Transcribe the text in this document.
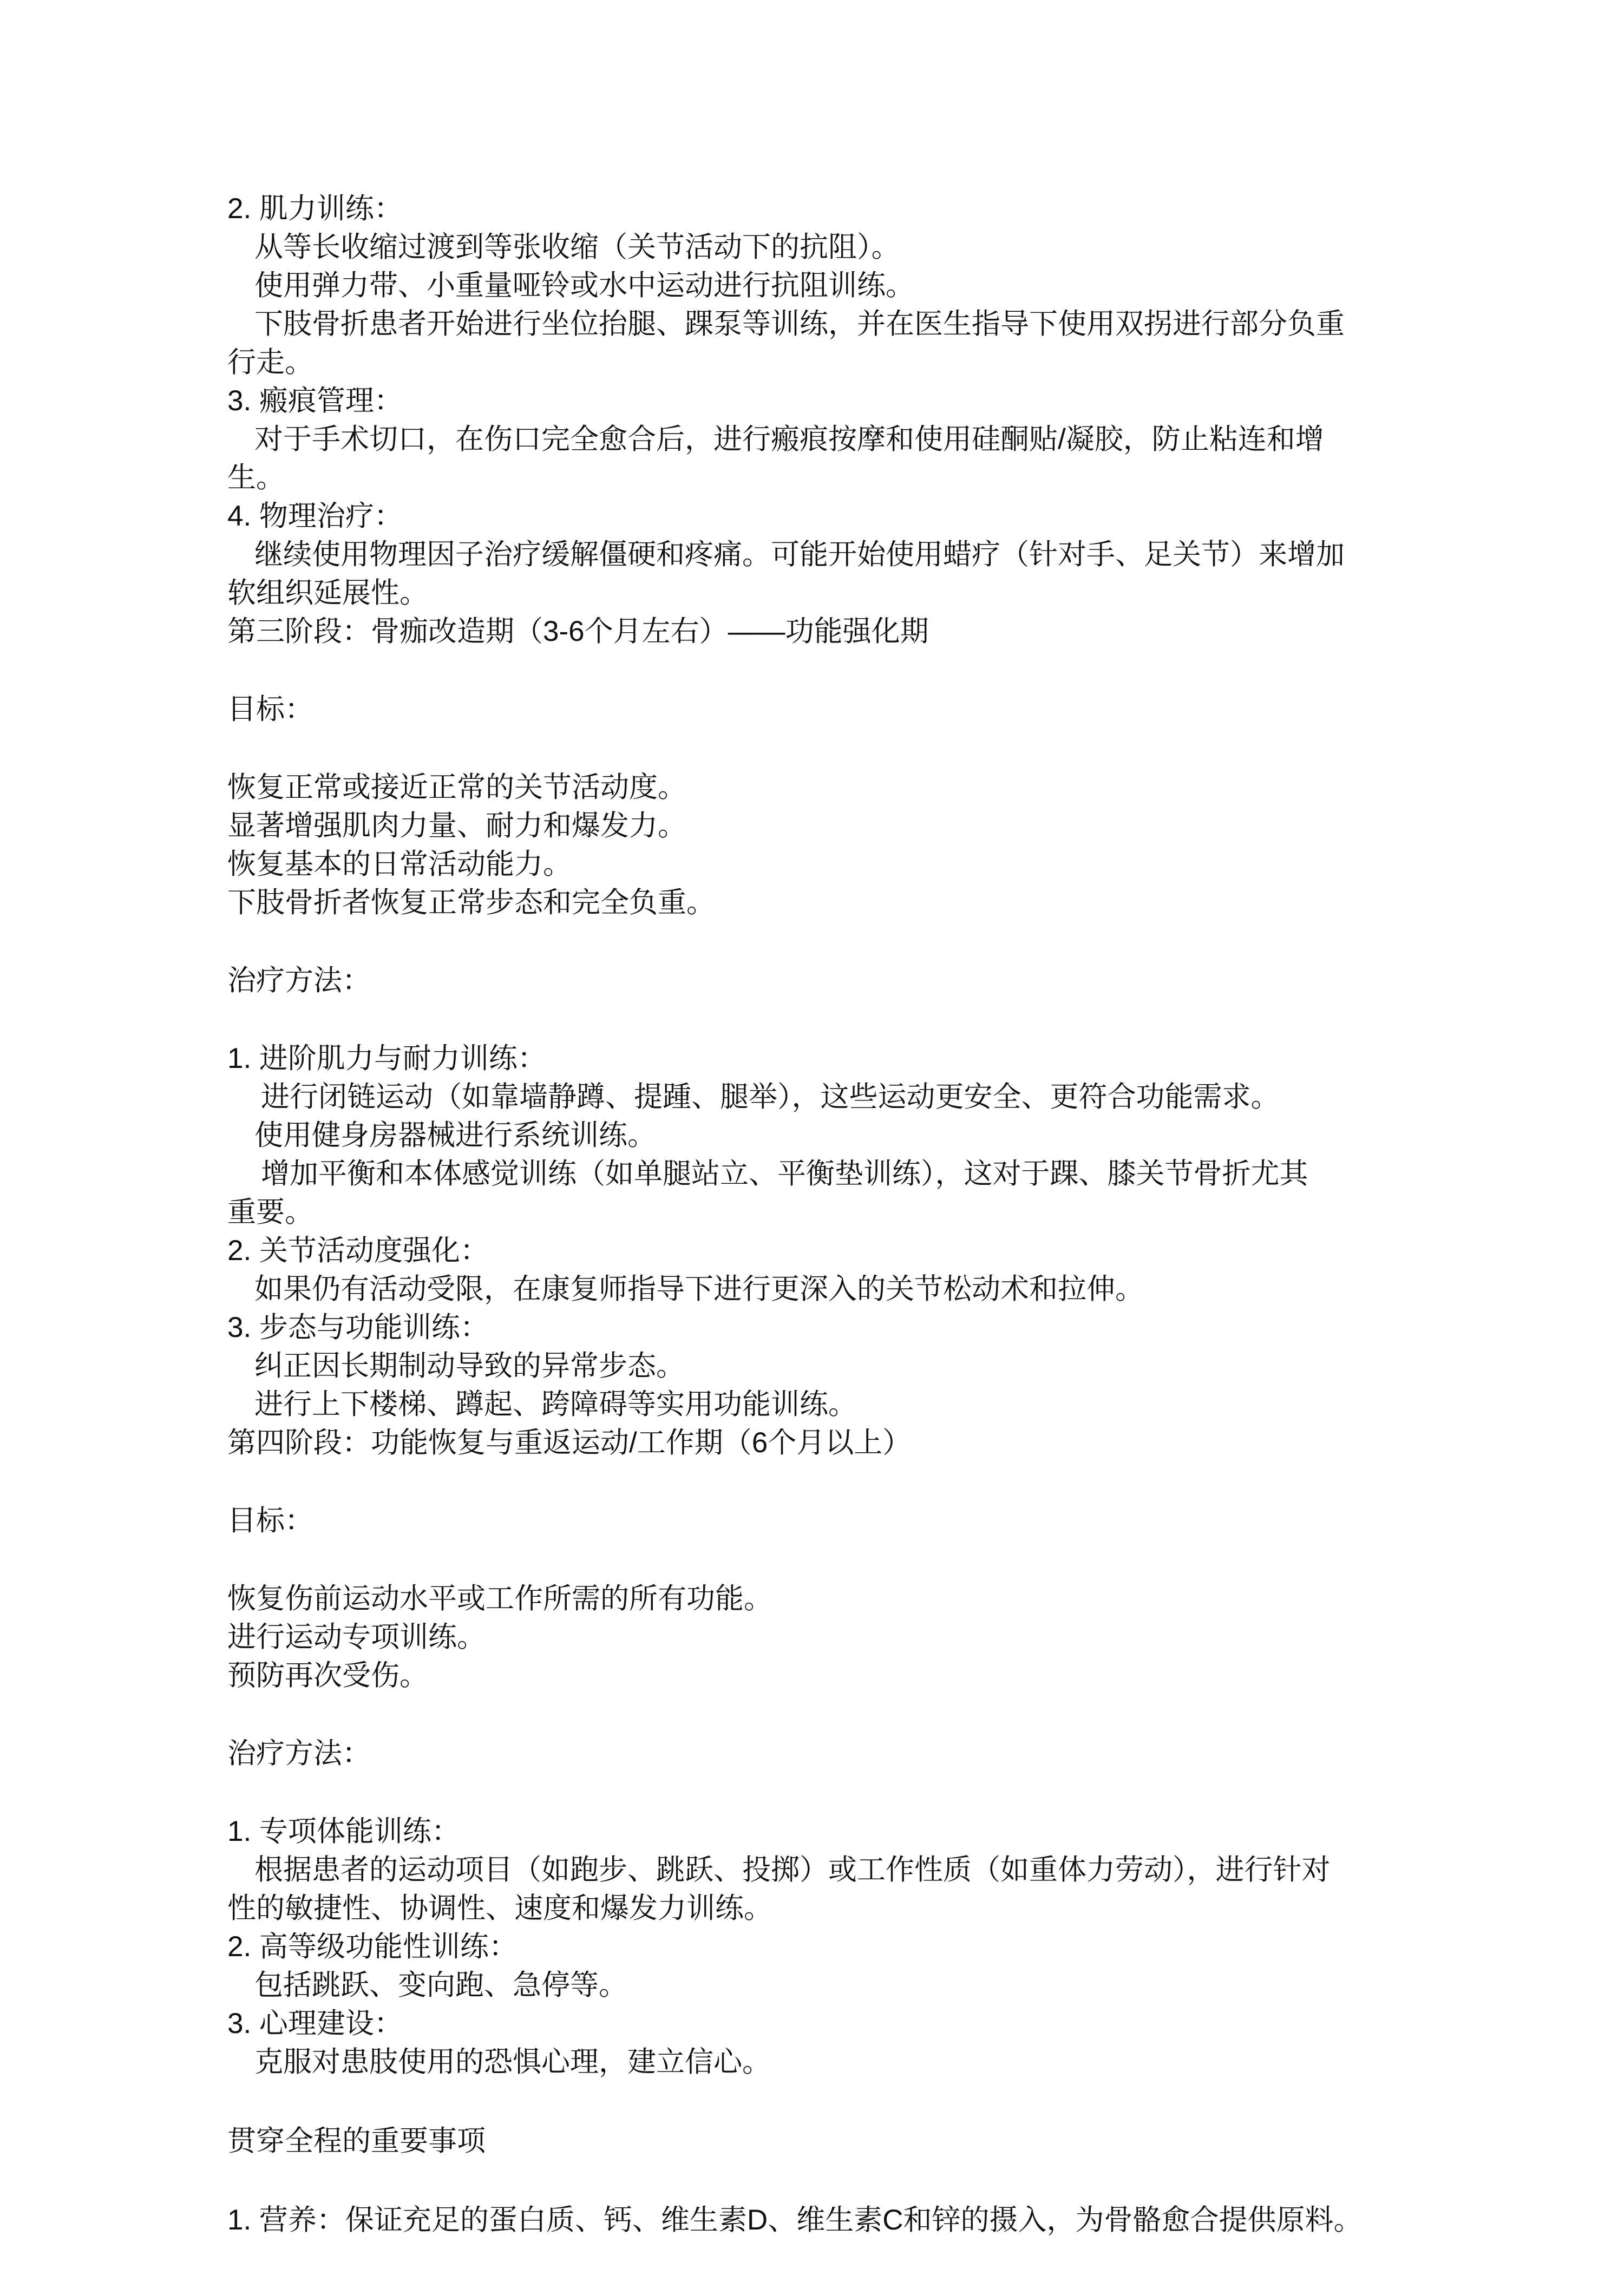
2. 肌力训练：

从等长收缩过渡到等张收缩（关节活动下的抗阻）。

使用弹力带、小重量哑铃或水中运动进行抗阻训练。

下肢骨折患者开始进行坐位抬腿、踝泵等训练，并在医生指导下使用双拐进行部分负重

行走。

3. 瘢痕管理：

对于手术切口，在伤口完全愈合后，进行瘢痕按摩和使用硅酮贴/凝胶，防止粘连和增

生。

4. 物理治疗：

继续使用物理因子治疗缓解僵硬和疼痛。可能开始使用蜡疗（针对手、足关节）来增加

软组织延展性。

第三阶段：骨痂改造期（3-6个月左右）——功能强化期

目标：

恢复正常或接近正常的关节活动度。

显著增强肌肉力量、耐力和爆发力。

恢复基本的日常活动能力。

下肢骨折者恢复正常步态和完全负重。

治疗方法：

1. 进阶肌力与耐力训练：

进行闭链运动（如靠墙静蹲、提踵、腿举），这些运动更安全、更符合功能需求。

使用健身房器械进行系统训练。

增加平衡和本体感觉训练（如单腿站立、平衡垫训练），这对于踝、膝关节骨折尤其

重要。

2. 关节活动度强化：

如果仍有活动受限，在康复师指导下进行更深入的关节松动术和拉伸。

3. 步态与功能训练：

纠正因长期制动导致的异常步态。

进行上下楼梯、蹲起、跨障碍等实用功能训练。

第四阶段：功能恢复与重返运动/工作期（6个月以上）

目标：

恢复伤前运动水平或工作所需的所有功能。

进行运动专项训练。

预防再次受伤。

治疗方法：

1. 专项体能训练：

根据患者的运动项目（如跑步、跳跃、投掷）或工作性质（如重体力劳动），进行针对

性的敏捷性、协调性、速度和爆发力训练。

2. 高等级功能性训练：

包括跳跃、变向跑、急停等。

3. 心理建设：

克服对患肢使用的恐惧心理，建立信心。

贯穿全程的重要事项

1. 营养：保证充足的蛋白质、钙、维生素D、维生素C和锌的摄入，为骨骼愈合提供原料。
